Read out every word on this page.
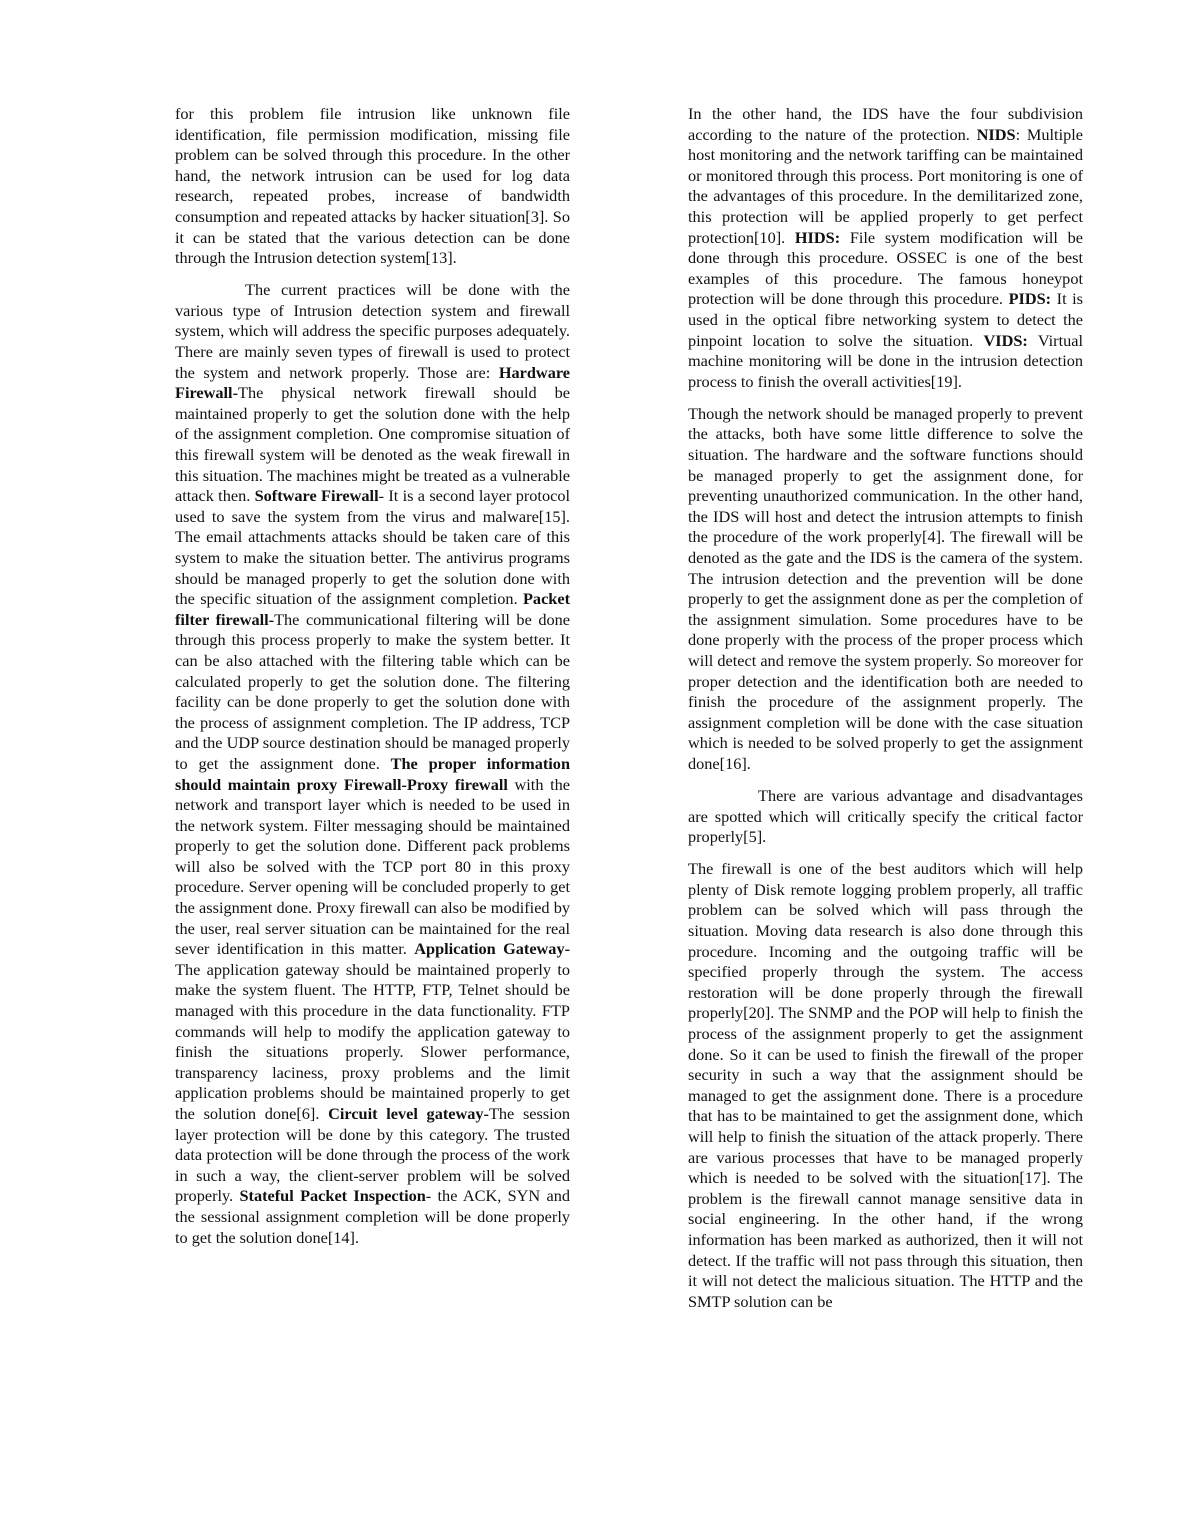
for this problem file intrusion like unknown file identification, file permission modification, missing file problem can be solved through this procedure. In the other hand, the network intrusion can be used for log data research, repeated probes, increase of bandwidth consumption and repeated attacks by hacker situation[3]. So it can be stated that the various detection can be done through the Intrusion detection system[13].

The current practices will be done with the various type of Intrusion detection system and firewall system, which will address the specific purposes adequately. There are mainly seven types of firewall is used to protect the system and network properly. Those are: Hardware Firewall-The physical network firewall should be maintained properly to get the solution done with the help of the assignment completion. One compromise situation of this firewall system will be denoted as the weak firewall in this situation. The machines might be treated as a vulnerable attack then. Software Firewall- It is a second layer protocol used to save the system from the virus and malware[15]. The email attachments attacks should be taken care of this system to make the situation better. The antivirus programs should be managed properly to get the solution done with the specific situation of the assignment completion. Packet filter firewall-The communicational filtering will be done through this process properly to make the system better. It can be also attached with the filtering table which can be calculated properly to get the solution done. The filtering facility can be done properly to get the solution done with the process of assignment completion. The IP address, TCP and the UDP source destination should be managed properly to get the assignment done. The proper information should maintain proxy Firewall-Proxy firewall with the network and transport layer which is needed to be used in the network system. Filter messaging should be maintained properly to get the solution done. Different pack problems will also be solved with the TCP port 80 in this proxy procedure. Server opening will be concluded properly to get the assignment done. Proxy firewall can also be modified by the user, real server situation can be maintained for the real sever identification in this matter. Application Gateway-The application gateway should be maintained properly to make the system fluent. The HTTP, FTP, Telnet should be managed with this procedure in the data functionality. FTP commands will help to modify the application gateway to finish the situations properly. Slower performance, transparency laciness, proxy problems and the limit application problems should be maintained properly to get the solution done[6]. Circuit level gateway-The session layer protection will be done by this category. The trusted data protection will be done through the process of the work in such a way, the client-server problem will be solved properly. Stateful Packet Inspection- the ACK, SYN and the sessional assignment completion will be done properly to get the solution done[14].

In the other hand, the IDS have the four subdivision according to the nature of the protection. NIDS: Multiple host monitoring and the network tariffing can be maintained or monitored through this process. Port monitoring is one of the advantages of this procedure. In the demilitarized zone, this protection will be applied properly to get perfect protection[10]. HIDS: File system modification will be done through this procedure. OSSEC is one of the best examples of this procedure. The famous honeypot protection will be done through this procedure. PIDS: It is used in the optical fibre networking system to detect the pinpoint location to solve the situation. VIDS: Virtual machine monitoring will be done in the intrusion detection process to finish the overall activities[19].

Though the network should be managed properly to prevent the attacks, both have some little difference to solve the situation. The hardware and the software functions should be managed properly to get the assignment done, for preventing unauthorized communication. In the other hand, the IDS will host and detect the intrusion attempts to finish the procedure of the work properly[4]. The firewall will be denoted as the gate and the IDS is the camera of the system. The intrusion detection and the prevention will be done properly to get the assignment done as per the completion of the assignment simulation. Some procedures have to be done properly with the process of the proper process which will detect and remove the system properly. So moreover for proper detection and the identification both are needed to finish the procedure of the assignment properly. The assignment completion will be done with the case situation which is needed to be solved properly to get the assignment done[16].

There are various advantage and disadvantages are spotted which will critically specify the critical factor properly[5].

The firewall is one of the best auditors which will help plenty of Disk remote logging problem properly, all traffic problem can be solved which will pass through the situation. Moving data research is also done through this procedure. Incoming and the outgoing traffic will be specified properly through the system. The access restoration will be done properly through the firewall properly[20]. The SNMP and the POP will help to finish the process of the assignment properly to get the assignment done. So it can be used to finish the firewall of the proper security in such a way that the assignment should be managed to get the assignment done. There is a procedure that has to be maintained to get the assignment done, which will help to finish the situation of the attack properly. There are various processes that have to be managed properly which is needed to be solved with the situation[17]. The problem is the firewall cannot manage sensitive data in social engineering. In the other hand, if the wrong information has been marked as authorized, then it will not detect. If the traffic will not pass through this situation, then it will not detect the malicious situation. The HTTP and the SMTP solution can be
